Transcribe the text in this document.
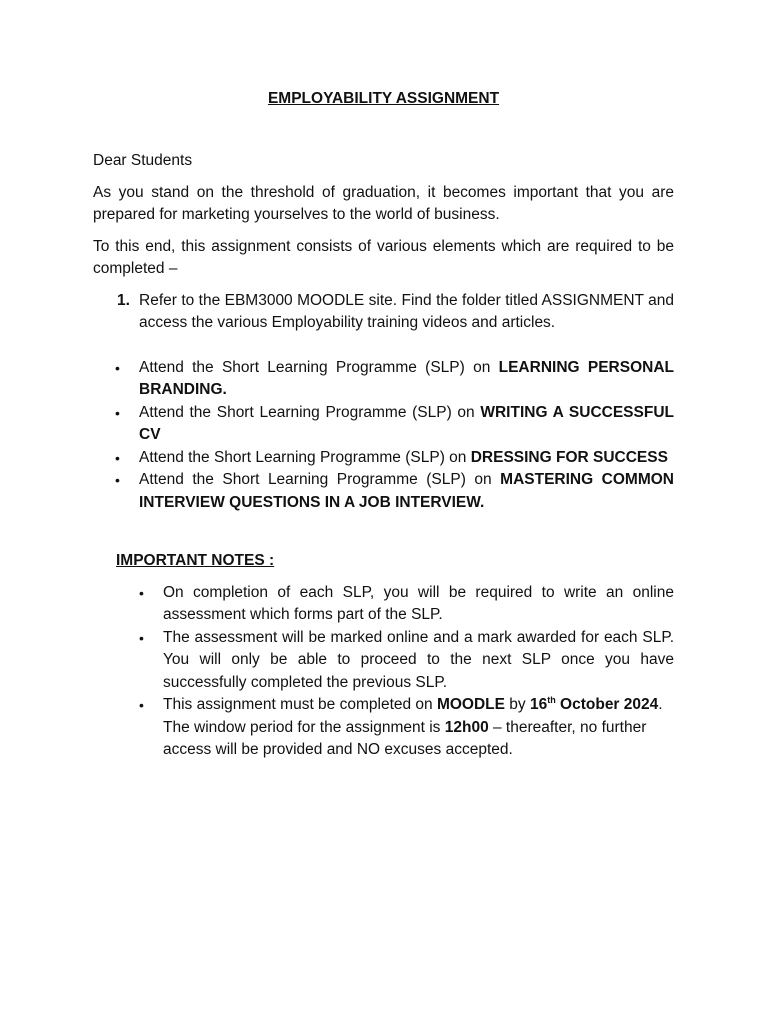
EMPLOYABILITY ASSIGNMENT

Dear Students

As you stand on the threshold of graduation, it becomes important that you are prepared for marketing yourselves to the world of business.

To this end, this assignment consists of various elements which are required to be completed –

1. Refer to the EBM3000 MOODLE site. Find the folder titled ASSIGNMENT and access the various Employability training videos and articles.
• Attend the Short Learning Programme (SLP) on LEARNING PERSONAL BRANDING.
• Attend the Short Learning Programme (SLP) on WRITING A SUCCESSFUL CV
• Attend the Short Learning Programme (SLP) on DRESSING FOR SUCCESS
• Attend the Short Learning Programme (SLP) on MASTERING COMMON INTERVIEW QUESTIONS IN A JOB INTERVIEW.
IMPORTANT NOTES :
• On completion of each SLP, you will be required to write an online assessment which forms part of the SLP.
• The assessment will be marked online and a mark awarded for each SLP. You will only be able to proceed to the next SLP once you have successfully completed the previous SLP.
• This assignment must be completed on MOODLE by 16th October 2024. The window period for the assignment is 12h00 – thereafter, no further access will be provided and NO excuses accepted.
